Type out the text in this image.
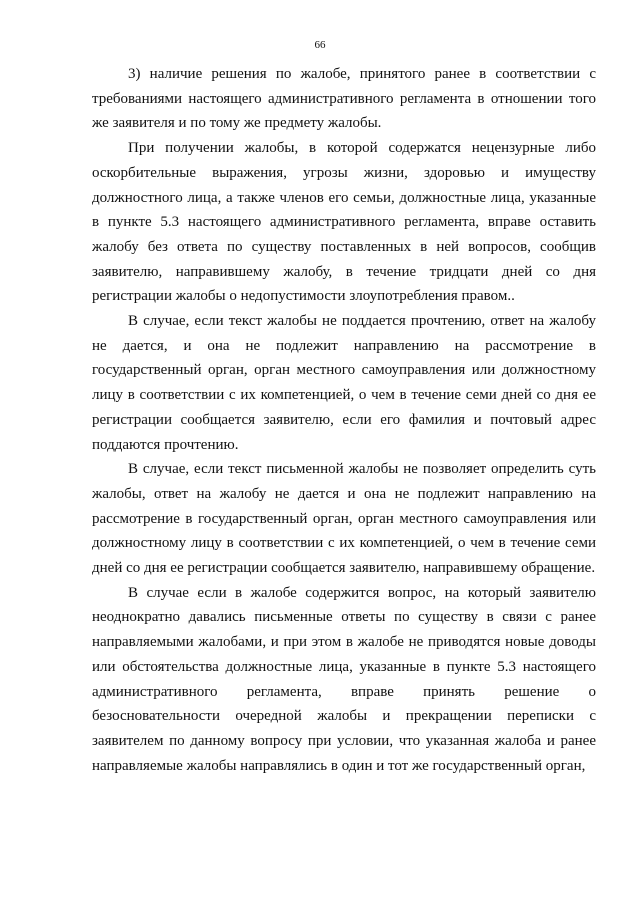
66

3) наличие решения по жалобе, принятого ранее в соответствии с требованиями настоящего административного регламента в отношении того же заявителя и по тому же предмету жалобы.

При получении жалобы, в которой содержатся нецензурные либо оскорбительные выражения, угрозы жизни, здоровью и имуществу должностного лица, а также членов его семьи, должностные лица, указанные в пункте 5.3 настоящего административного регламента, вправе оставить жалобу без ответа по существу поставленных в ней вопросов, сообщив заявителю, направившему жалобу, в течение тридцати дней со дня регистрации жалобы о недопустимости злоупотребления правом..

В случае, если текст жалобы не поддается прочтению, ответ на жалобу не дается, и она не подлежит направлению на рассмотрение в государственный орган, орган местного самоуправления или должностному лицу в соответствии с их компетенцией, о чем в течение семи дней со дня ее регистрации сообщается заявителю, если его фамилия и почтовый адрес поддаются прочтению.

В случае, если текст письменной жалобы не позволяет определить суть жалобы, ответ на жалобу не дается и она не подлежит направлению на рассмотрение в государственный орган, орган местного самоуправления или должностному лицу в соответствии с их компетенцией, о чем в течение семи дней со дня ее регистрации сообщается заявителю, направившему обращение.

В случае если в жалобе содержится вопрос, на который заявителю неоднократно давались письменные ответы по существу в связи с ранее направляемыми жалобами, и при этом в жалобе не приводятся новые доводы или обстоятельства должностные лица, указанные в пункте 5.3 настоящего административного регламента, вправе принять решение о безосновательности очередной жалобы и прекращении переписки с заявителем по данному вопросу при условии, что указанная жалоба и ранее направляемые жалобы направлялись в один и тот же государственный орган,
